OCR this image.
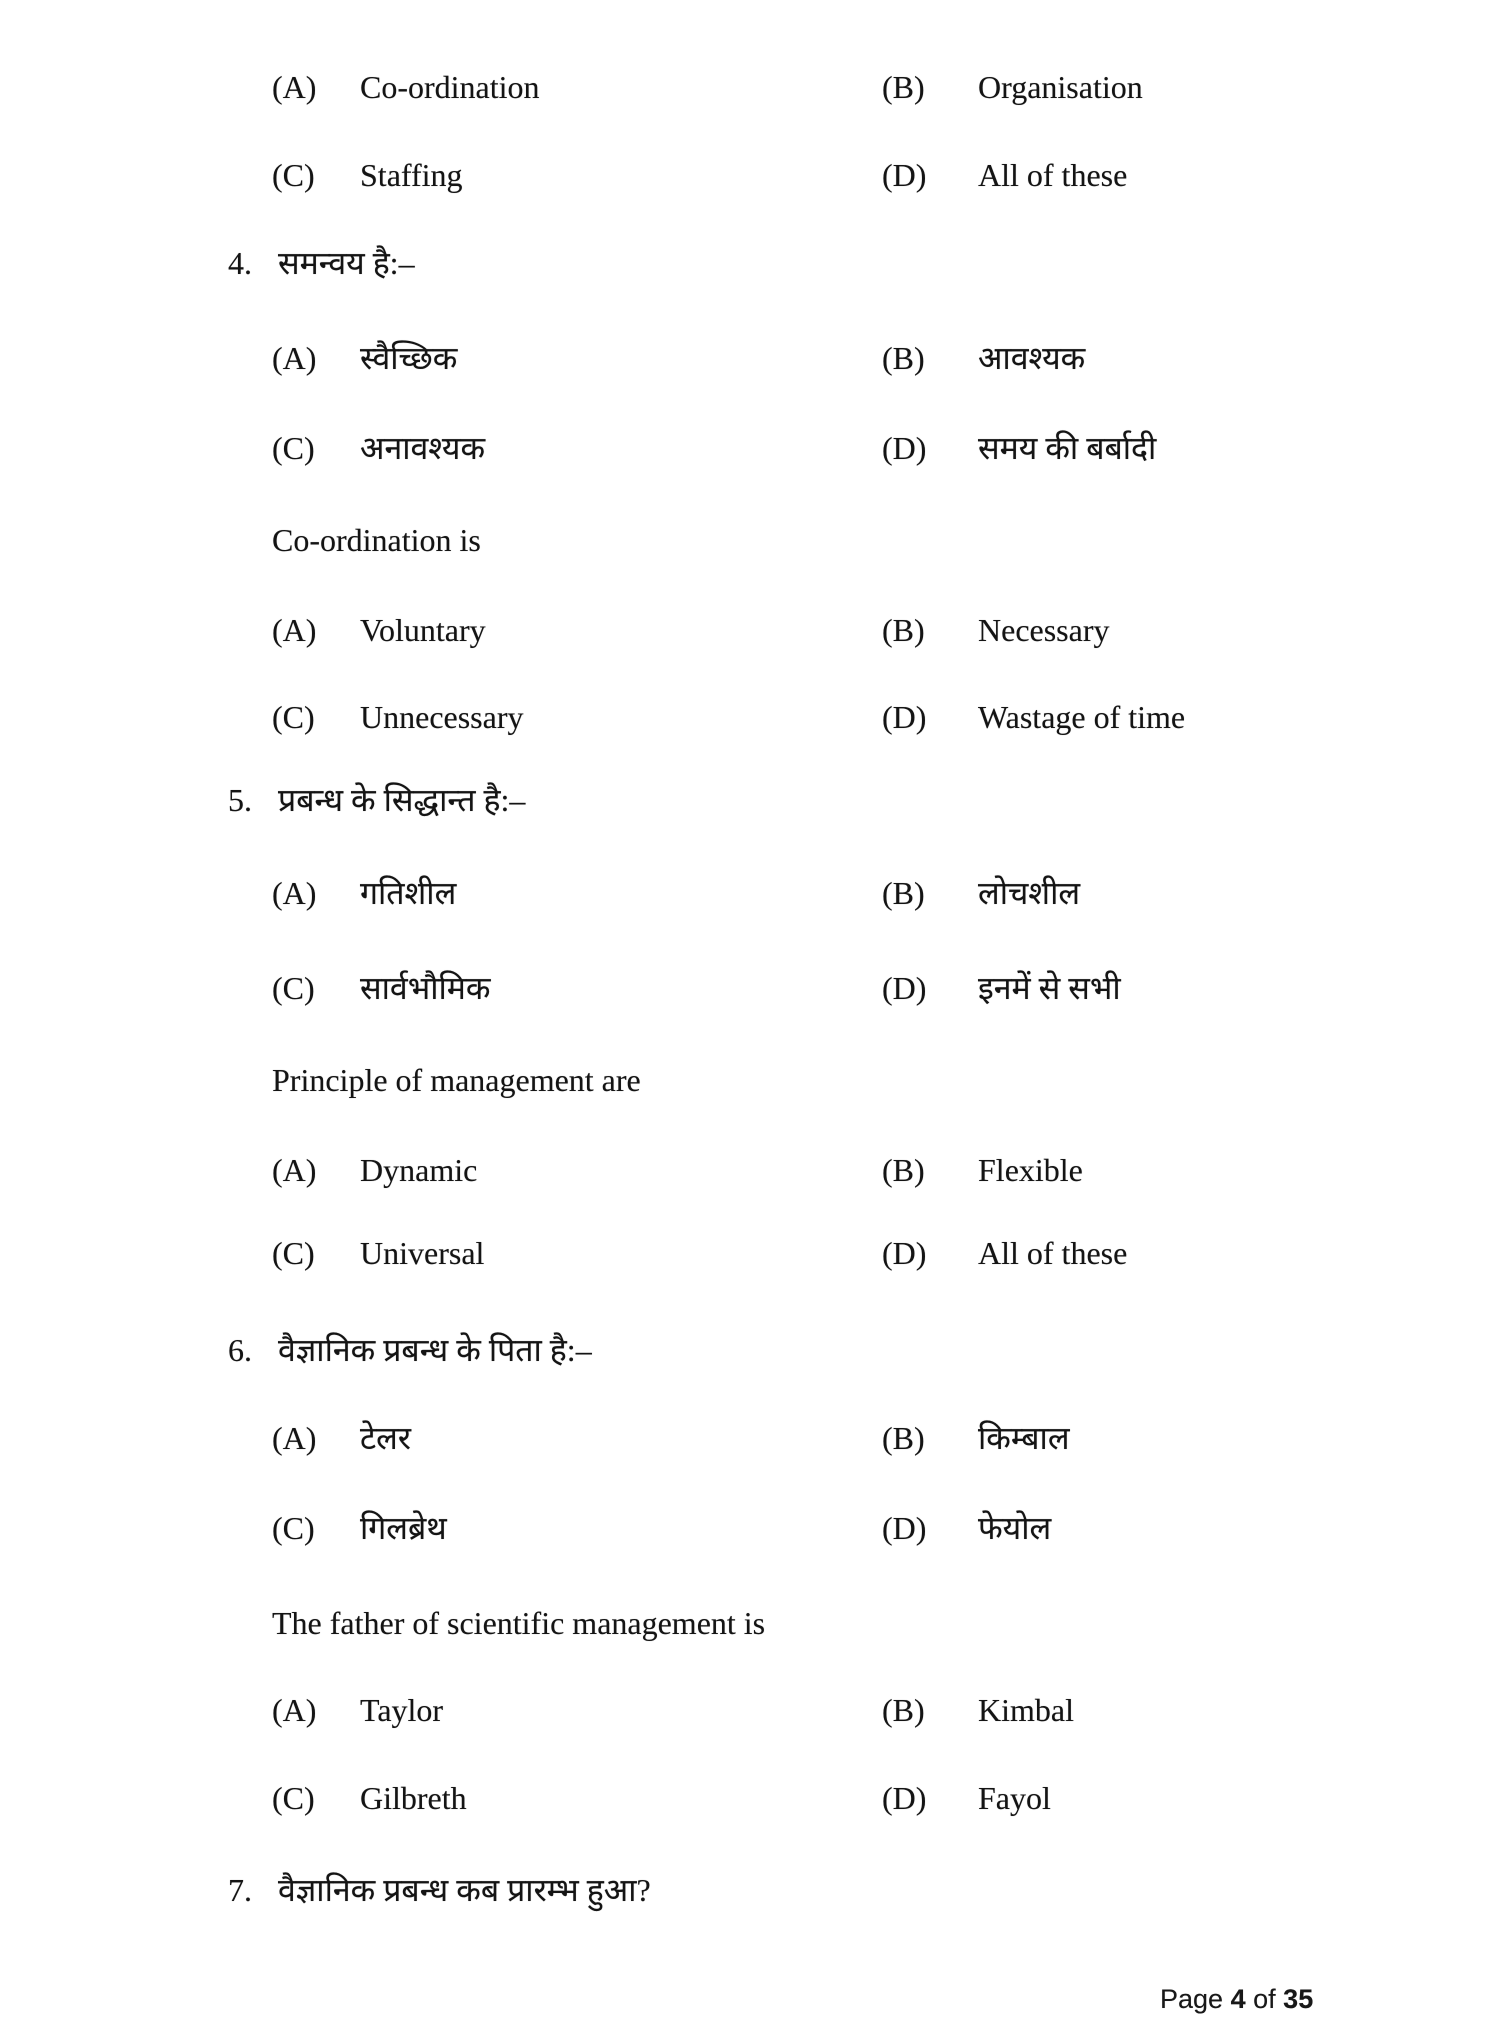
(A) Co-ordination	(B) Organisation
(C) Staffing	(D) All of these
4. समन्वय है:–
(A) स्वैच्छिक	(B) आवश्यक
(C) अनावश्यक	(D) समय की बर्बादी
Co-ordination is
(A) Voluntary	(B) Necessary
(C) Unnecessary	(D) Wastage of time
5. प्रबन्ध के सिद्धान्त है:–
(A) गतिशील	(B) लोचशील
(C) सार्वभौमिक	(D) इनमें से सभी
Principle of management are
(A) Dynamic	(B) Flexible
(C) Universal	(D) All of these
6. वैज्ञानिक प्रबन्ध के पिता है:–
(A) टेलर	(B) किम्बाल
(C) गिलब्रेथ	(D) फेयोल
The father of scientific management is
(A) Taylor	(B) Kimbal
(C) Gilbreth	(D) Fayol
7. वैज्ञानिक प्रबन्ध कब प्रारम्भ हुआ?
Page 4 of 35
